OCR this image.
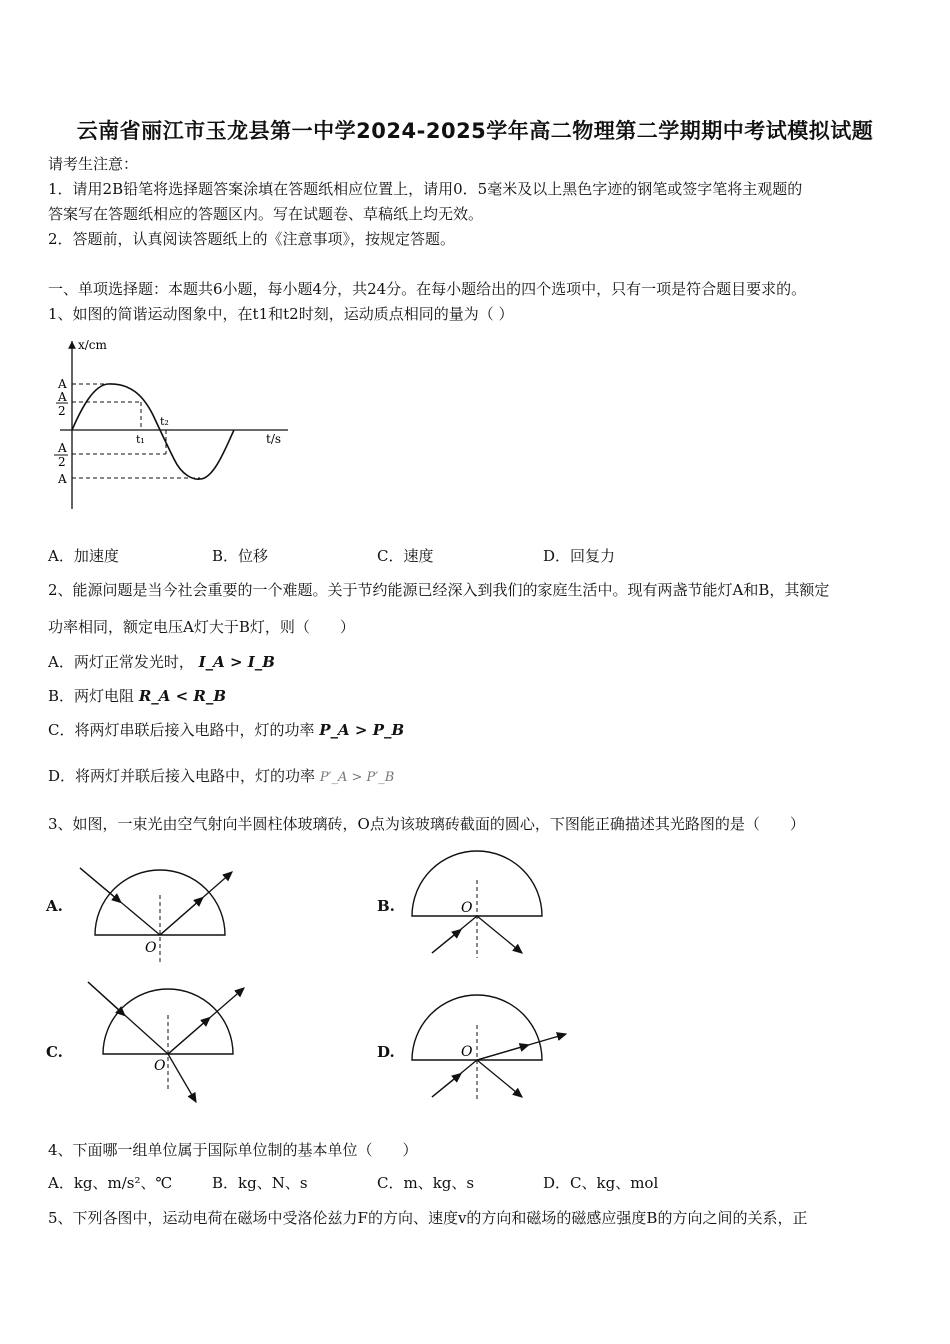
云南省丽江市玉龙县第一中学2024-2025学年高二物理第二学期期中考试模拟试题
请考生注意：
1．请用2B铅笔将选择题答案涂填在答题纸相应位置上，请用0．5毫米及以上黑色字迹的钢笔或签字笔将主观题的
答案写在答题纸相应的答题区内。写在试题卷、草稿纸上均无效。
2．答题前，认真阅读答题纸上的《注意事项》，按规定答题。
一、单项选择题：本题共6小题，每小题4分，共24分。在每小题给出的四个选项中，只有一项是符合题目要求的。
1、如图的简谐运动图象中，在t1和t2时刻，运动质点相同的量为（ ）
x/cm
t/s
A
A
2
A
2
A
t₁
t₂
A．加速度	B．位移	C．速度	D．回复力
2、能源问题是当今社会重要的一个难题。关于节约能源已经深入到我们的家庭生活中。现有两盏节能灯A和B，其额定
功率相同，额定电压A灯大于B灯，则（　　）
A．两灯正常发光时， I_A > I_B
B．两灯电阻 R_A < R_B
C．将两灯串联后接入电路中，灯的功率 P_A > P_B
D．将两灯并联后接入电路中，灯的功率 P′_A > P′_B
3、如图，一束光由空气射向半圆柱体玻璃砖，O点为该玻璃砖截面的圆心，下图能正确描述其光路图的是（　　）
A.	B.
C.	D.
O
O
O
O
4、下面哪一组单位属于国际单位制的基本单位（　　）
A．kg、m/s²、℃	B．kg、N、s	C．m、kg、s	D．C、kg、mol
5、下列各图中，运动电荷在磁场中受洛伦兹力F的方向、速度v的方向和磁场的磁感应强度B的方向之间的关系，正
